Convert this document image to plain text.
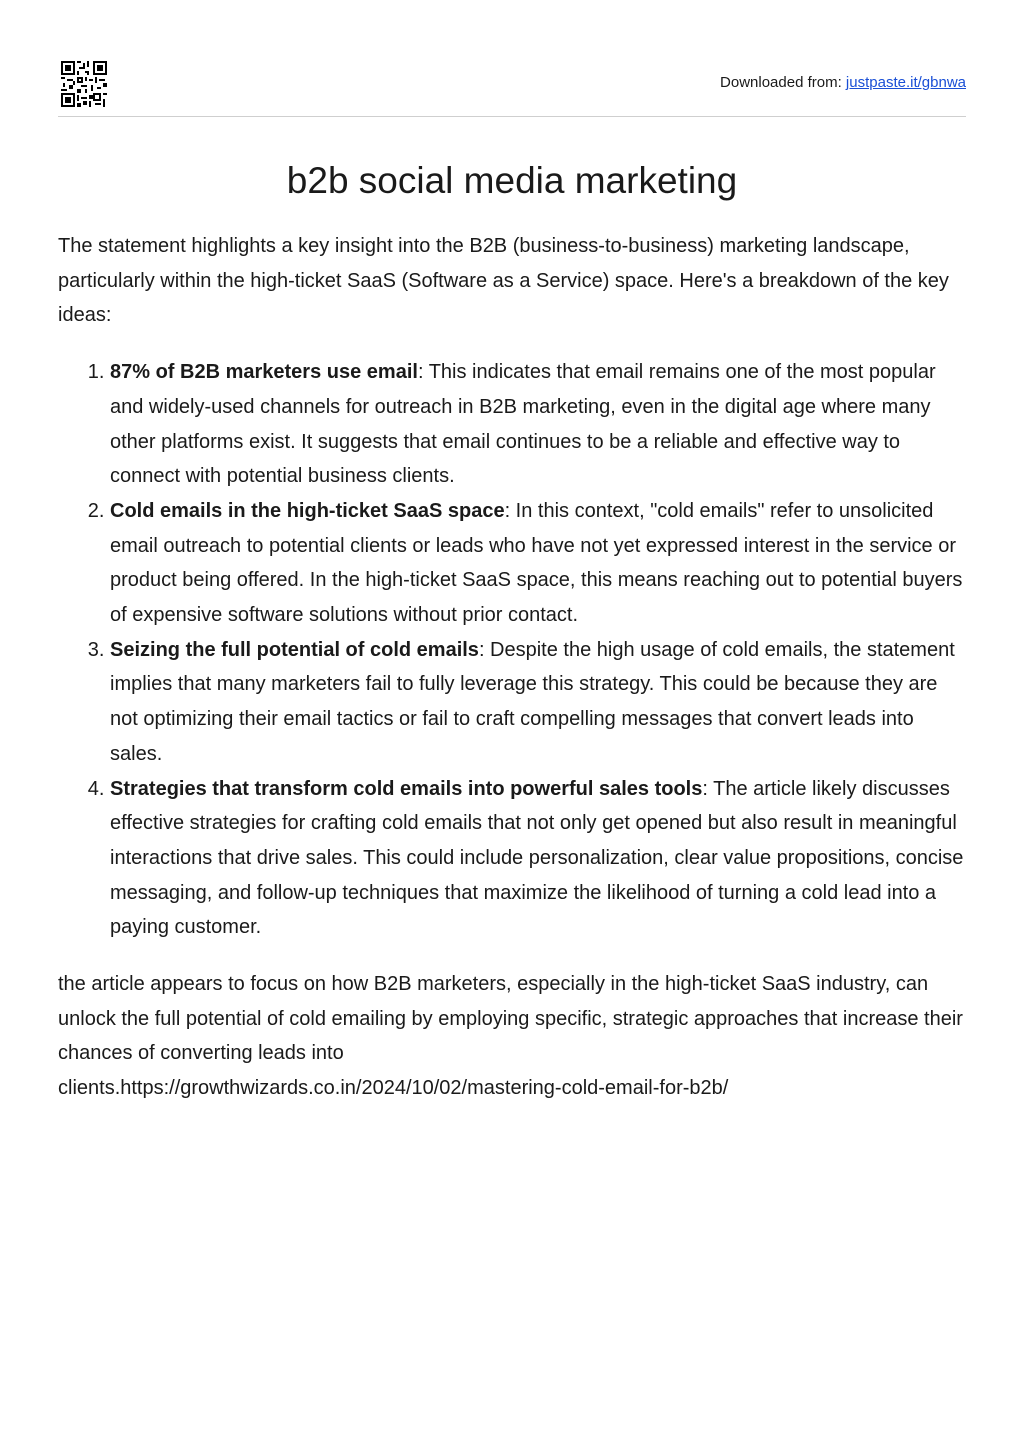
Downloaded from: justpaste.it/gbnwa
b2b social media marketing

The statement highlights a key insight into the B2B (business-to-business) marketing landscape, particularly within the high-ticket SaaS (Software as a Service) space. Here's a breakdown of the key ideas:

1. 87% of B2B marketers use email: This indicates that email remains one of the most popular and widely-used channels for outreach in B2B marketing, even in the digital age where many other platforms exist. It suggests that email continues to be a reliable and effective way to connect with potential business clients.
2. Cold emails in the high-ticket SaaS space: In this context, "cold emails" refer to unsolicited email outreach to potential clients or leads who have not yet expressed interest in the service or product being offered. In the high-ticket SaaS space, this means reaching out to potential buyers of expensive software solutions without prior contact.
3. Seizing the full potential of cold emails: Despite the high usage of cold emails, the statement implies that many marketers fail to fully leverage this strategy. This could be because they are not optimizing their email tactics or fail to craft compelling messages that convert leads into sales.
4. Strategies that transform cold emails into powerful sales tools: The article likely discusses effective strategies for crafting cold emails that not only get opened but also result in meaningful interactions that drive sales. This could include personalization, clear value propositions, concise messaging, and follow-up techniques that maximize the likelihood of turning a cold lead into a paying customer.

the article appears to focus on how B2B marketers, especially in the high-ticket SaaS industry, can unlock the full potential of cold emailing by employing specific, strategic approaches that increase their chances of converting leads into
clients.https://growthwizards.co.in/2024/10/02/mastering-cold-email-for-b2b/
